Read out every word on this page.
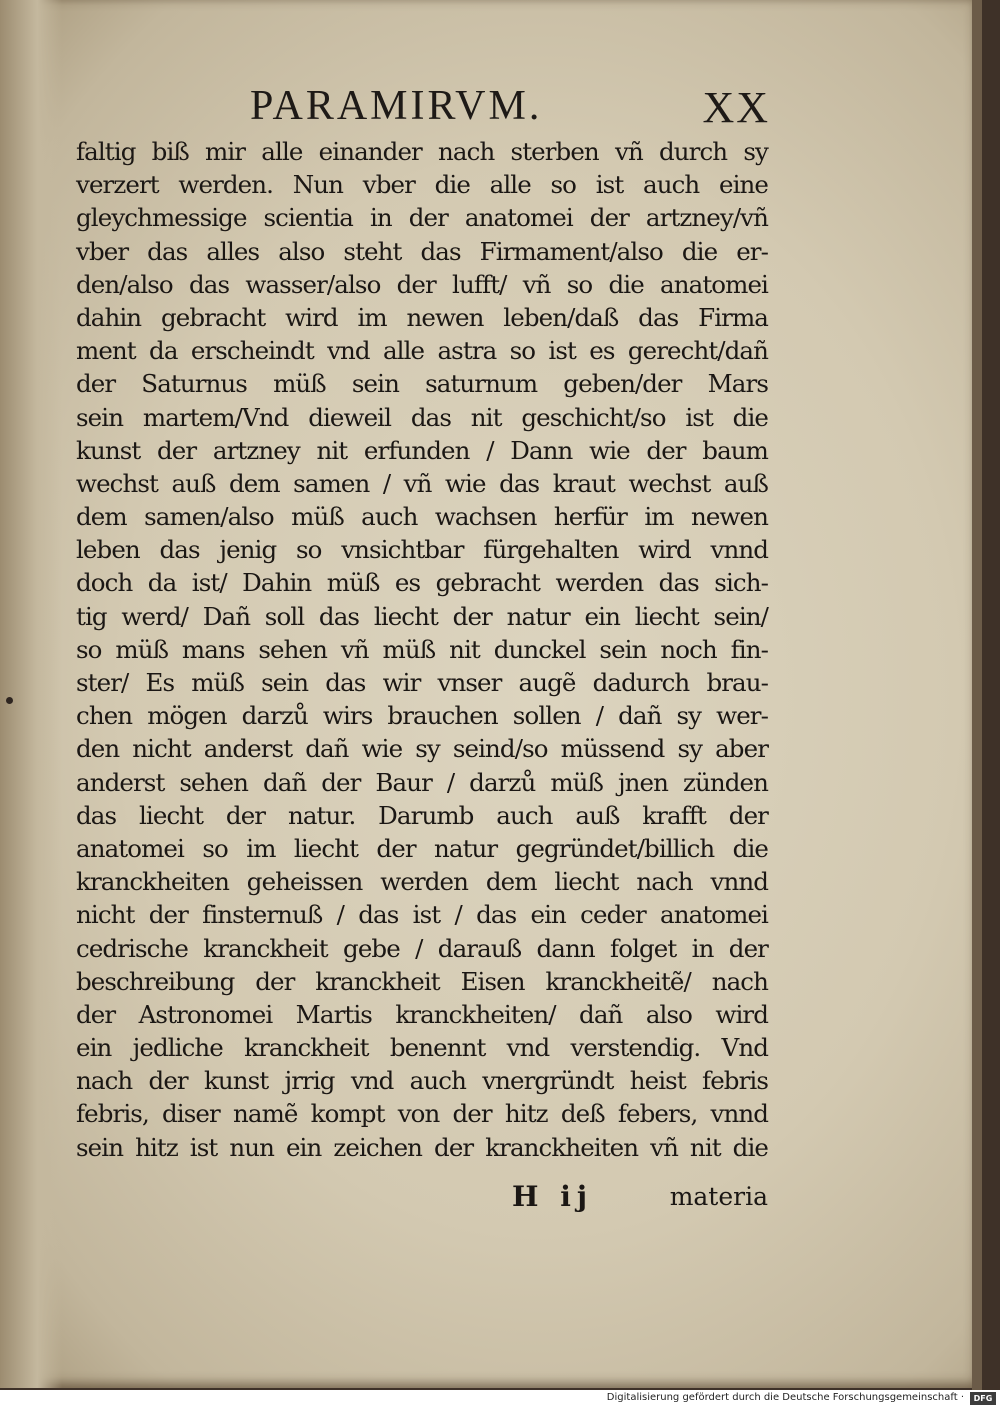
PARAMIRVM.	XX
faltig biß mir alle einander nach sterben vñ durch sy
verzert werden. Nun vber die alle so ist auch eine
gleychmessige scientia in der anatomei der artzney/vñ
vber das alles also steht das Firmament/also die er-
den/also das wasser/also der lufft/ vñ so die anatomei
dahin gebracht wird im newen leben/daß das Firma
ment da erscheindt vnd alle astra so ist es gerecht/dañ
der Saturnus müß sein saturnum geben/der Mars
sein martem/Vnd dieweil das nit geschicht/so ist die
kunst der artzney nit erfunden / Dann wie der baum
wechst auß dem samen / vñ wie das kraut wechst auß
dem samen/also müß auch wachsen herfür im newen
leben das jenig so vnsichtbar fürgehalten wird vnnd
doch da ist/ Dahin müß es gebracht werden das sich-
tig werd/ Dañ soll das liecht der natur ein liecht sein/
so müß mans sehen vñ müß nit dunckel sein noch fin-
ster/ Es müß sein das wir vnser augẽ dadurch brau-
chen mögen darzů wirs brauchen sollen / dañ sy wer-
den nicht anderst dañ wie sy seind/so müssend sy aber
anderst sehen dañ der Baur / darzů müß jnen zünden
das liecht der natur. Darumb auch auß krafft der
anatomei so im liecht der natur gegründet/billich die
kranckheiten geheissen werden dem liecht nach vnnd
nicht der finsternuß / das ist / das ein ceder anatomei
cedrische kranckheit gebe / darauß dann folget in der
beschreibung der kranckheit Eisen kranckheitẽ/ nach
der Astronomei Martis kranckheiten/ dañ also wird
ein jedliche kranckheit benennt vnd verstendig. Vnd
nach der kunst jrrig vnd auch vnergründt heist febris
febris, diser namẽ kompt von der hitz deß febers, vnnd
sein hitz ist nun ein zeichen der kranckheiten vñ nit die
H ij	materia
Digitalisierung gefördert durch die Deutsche Forschungsgemeinschaft ·	DFG
